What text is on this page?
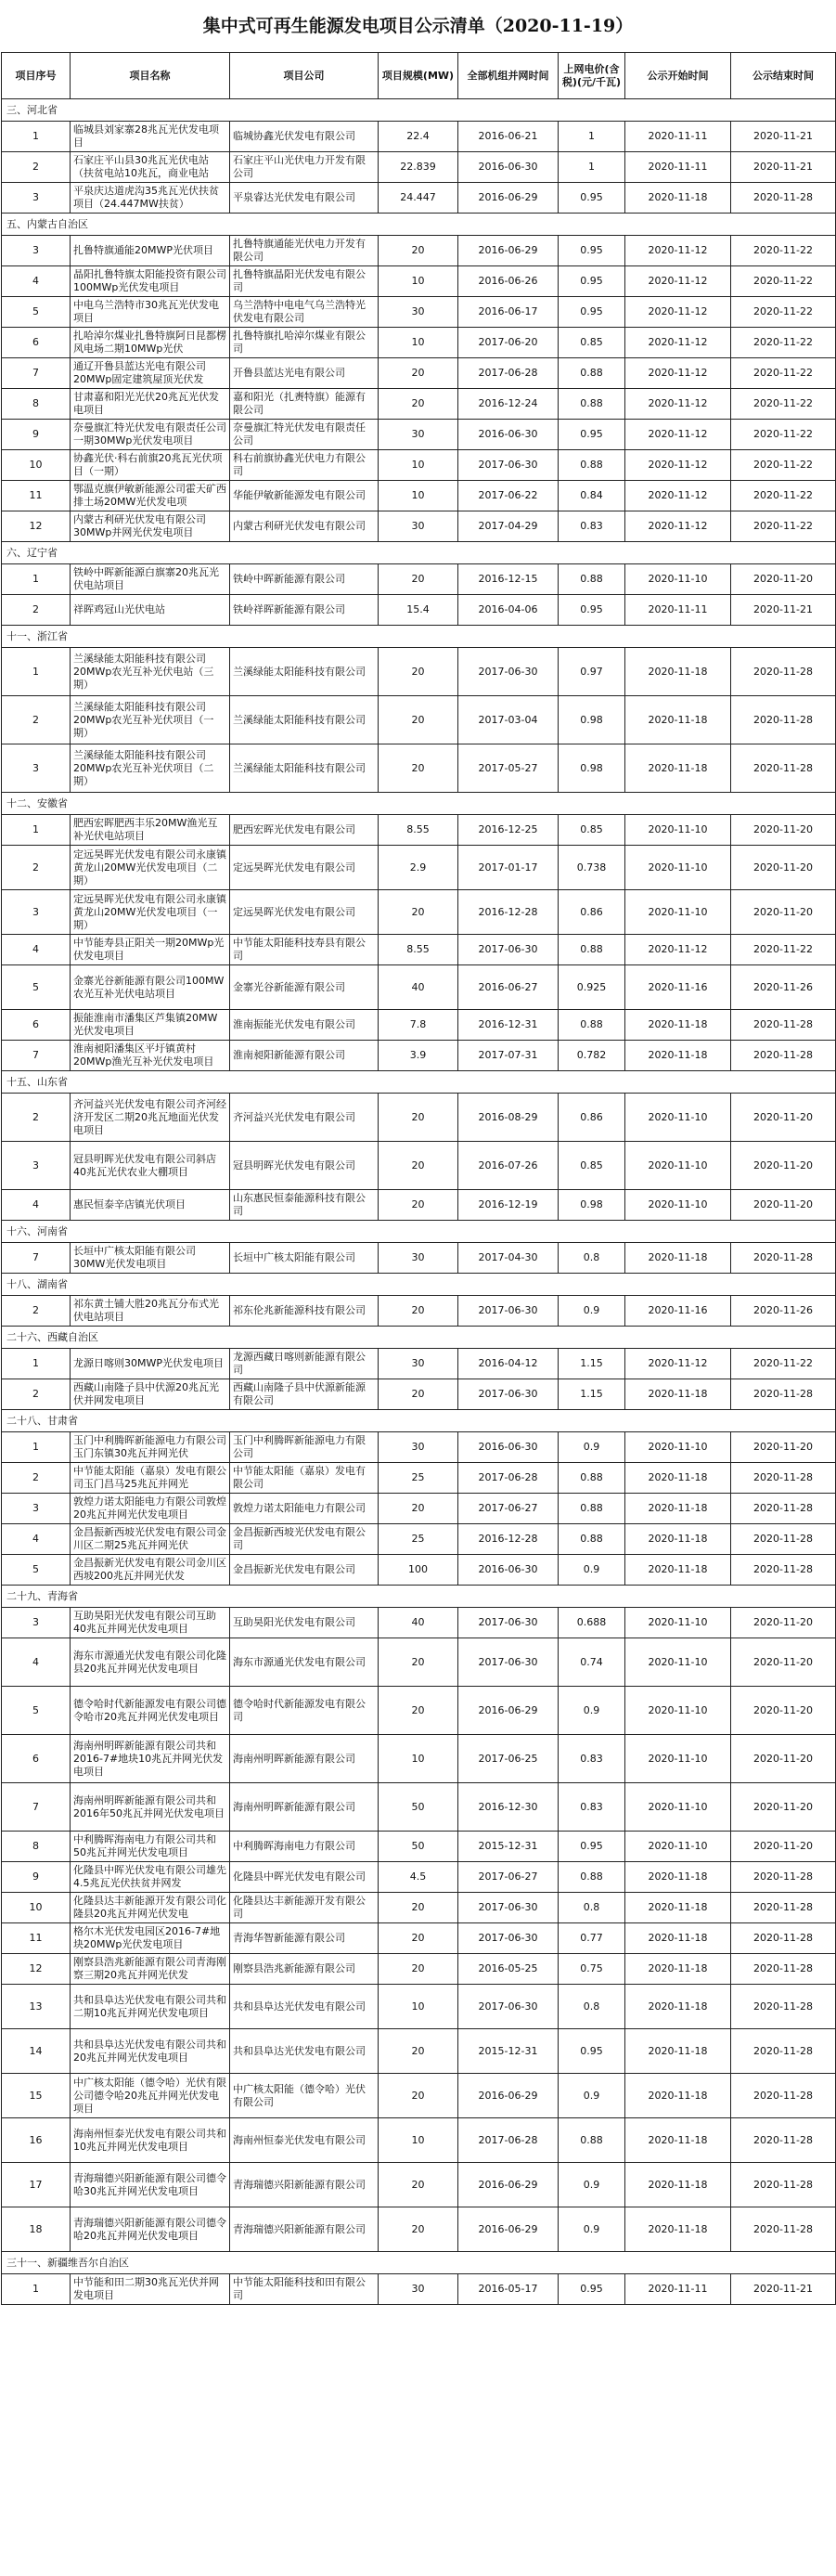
集中式可再生能源发电项目公示清单（2020-11-19）
项目序号	项目名称	项目公司	项目规模(MW)	全部机组并网时间	上网电价(含税)(元/千瓦)	公示开始时间	公示结束时间
三、河北省							
1	临城县刘家寨28兆瓦光伏发电项目	临城协鑫光伏发电有限公司	22.4	2016-06-21	1	2020-11-11	2020-11-21
2	石家庄平山县30兆瓦光伏电站（扶贫电站10兆瓦，商业电站	石家庄平山光伏电力开发有限公司	22.839	2016-06-30	1	2020-11-11	2020-11-21
3	平泉庆达道虎沟35兆瓦光伏扶贫项目（24.447MW扶贫）	平泉睿达光伏发电有限公司	24.447	2016-06-29	0.95	2020-11-18	2020-11-28
五、内蒙古自治区							
3	扎鲁特旗通能20MWP光伏项目	扎鲁特旗通能光伏电力开发有限公司	20	2016-06-29	0.95	2020-11-12	2020-11-22
4	晶阳扎鲁特旗太阳能投资有限公司100MWp光伏发电项目	扎鲁特旗晶阳光伏发电有限公司	10	2016-06-26	0.95	2020-11-12	2020-11-22
5	中电乌兰浩特市30兆瓦光伏发电项目	乌兰浩特中电电气乌兰浩特光伏发电有限公司	30	2016-06-17	0.95	2020-11-12	2020-11-22
6	扎哈淖尔煤业扎鲁特旗阿日昆都楞风电场二期10MWp光伏	扎鲁特旗扎哈淖尔煤业有限公司	10	2017-06-20	0.85	2020-11-12	2020-11-22
7	通辽开鲁县蓝达光电有限公司20MWp固定建筑屋顶光伏发	开鲁县蓝达光电有限公司	20	2017-06-28	0.88	2020-11-12	2020-11-22
8	甘肃嘉和阳光光伏20兆瓦光伏发电项目	嘉和阳光（扎赉特旗）能源有限公司	20	2016-12-24	0.88	2020-11-12	2020-11-22
9	奈曼旗汇特光伏发电有限责任公司一期30MWp光伏发电项目	奈曼旗汇特光伏发电有限责任公司	30	2016-06-30	0.95	2020-11-12	2020-11-22
10	协鑫光伏·科右前旗20兆瓦光伏项目（一期）	科右前旗协鑫光伏电力有限公司	10	2017-06-30	0.88	2020-11-12	2020-11-22
11	鄂温克旗伊敏新能源公司霍天矿西排土场20MW光伏发电项	华能伊敏新能源发电有限公司	10	2017-06-22	0.84	2020-11-12	2020-11-22
12	内蒙古利研光伏发电有限公司30MWp并网光伏发电项目	内蒙古利研光伏发电有限公司	30	2017-04-29	0.83	2020-11-12	2020-11-22
六、辽宁省							
1	铁岭中晖新能源白旗寨20兆瓦光伏电站项目	铁岭中晖新能源有限公司	20	2016-12-15	0.88	2020-11-10	2020-11-20
2	祥晖鸡冠山光伏电站	铁岭祥晖新能源有限公司	15.4	2016-04-06	0.95	2020-11-11	2020-11-21
十一、浙江省							
1	兰溪绿能太阳能科技有限公司20MWp农光互补光伏电站（三期）	兰溪绿能太阳能科技有限公司	20	2017-06-30	0.97	2020-11-18	2020-11-28
2	兰溪绿能太阳能科技有限公司20MWp农光互补光伏项目（一期）	兰溪绿能太阳能科技有限公司	20	2017-03-04	0.98	2020-11-18	2020-11-28
3	兰溪绿能太阳能科技有限公司20MWp农光互补光伏项目（二期）	兰溪绿能太阳能科技有限公司	20	2017-05-27	0.98	2020-11-18	2020-11-28
十二、安徽省							
1	肥西宏晖肥西丰乐20MW渔光互补光伏电站项目	肥西宏晖光伏发电有限公司	8.55	2016-12-25	0.85	2020-11-10	2020-11-20
2	定远昊晖光伏发电有限公司永康镇黄龙山20MW光伏发电项目（二期）	定远昊晖光伏发电有限公司	2.9	2017-01-17	0.738	2020-11-10	2020-11-20
3	定远昊晖光伏发电有限公司永康镇黄龙山20MW光伏发电项目（一期）	定远昊晖光伏发电有限公司	20	2016-12-28	0.86	2020-11-10	2020-11-20
4	中节能寿县正阳关一期20MWp光伏发电项目	中节能太阳能科技寿县有限公司	8.55	2017-06-30	0.88	2020-11-12	2020-11-22
5	金寨光谷新能源有限公司100MW农光互补光伏电站项目	金寨光谷新能源有限公司	40	2016-06-27	0.925	2020-11-16	2020-11-26
6	振能淮南市潘集区芦集镇20MW光伏发电项目	淮南振能光伏发电有限公司	7.8	2016-12-31	0.88	2020-11-18	2020-11-28
7	淮南昶阳潘集区平圩镇黄村20MWp渔光互补光伏发电项目	淮南昶阳新能源有限公司	3.9	2017-07-31	0.782	2020-11-18	2020-11-28
十五、山东省							
2	齐河益兴光伏发电有限公司齐河经济开发区二期20兆瓦地面光伏发电项目	齐河益兴光伏发电有限公司	20	2016-08-29	0.86	2020-11-10	2020-11-20
3	冠县明晖光伏发电有限公司斜店40兆瓦光伏农业大棚项目	冠县明晖光伏发电有限公司	20	2016-07-26	0.85	2020-11-10	2020-11-20
4	惠民恒泰辛店镇光伏项目	山东惠民恒泰能源科技有限公司	20	2016-12-19	0.98	2020-11-10	2020-11-20
十六、河南省							
7	长垣中广核太阳能有限公司30MW光伏发电项目	长垣中广核太阳能有限公司	30	2017-04-30	0.8	2020-11-18	2020-11-28
十八、湖南省							
2	祁东黄土铺大胜20兆瓦分布式光伏电站项目	祁东伦兆新能源科技有限公司	20	2017-06-30	0.9	2020-11-16	2020-11-26
二十六、西藏自治区							
1	龙源日喀则30MWP光伏发电项目	龙源西藏日喀则新能源有限公司	30	2016-04-12	1.15	2020-11-12	2020-11-22
2	西藏山南隆子县中伏源20兆瓦光伏并网发电项目	西藏山南隆子县中伏源新能源有限公司	20	2017-06-30	1.15	2020-11-18	2020-11-28
二十八、甘肃省							
1	玉门中利腾晖新能源电力有限公司玉门东镇30兆瓦并网光伏	玉门中利腾晖新能源电力有限公司	30	2016-06-30	0.9	2020-11-10	2020-11-20
2	中节能太阳能（嘉泉）发电有限公司玉门昌马25兆瓦并网光	中节能太阳能（嘉泉）发电有限公司	25	2017-06-28	0.88	2020-11-18	2020-11-28
3	敦煌力诺太阳能电力有限公司敦煌20兆瓦并网光伏发电项目	敦煌力诺太阳能电力有限公司	20	2017-06-27	0.88	2020-11-18	2020-11-28
4	金昌振新西坡光伏发电有限公司金川区二期25兆瓦并网光伏	金昌振新西坡光伏发电有限公司	25	2016-12-28	0.88	2020-11-18	2020-11-28
5	金昌振新光伏发电有限公司金川区西坡200兆瓦并网光伏发	金昌振新光伏发电有限公司	100	2016-06-30	0.9	2020-11-18	2020-11-28
二十九、青海省							
3	互助昊阳光伏发电有限公司互助40兆瓦并网光伏发电项目	互助昊阳光伏发电有限公司	40	2017-06-30	0.688	2020-11-10	2020-11-20
4	海东市源通光伏发电有限公司化隆县20兆瓦并网光伏发电项目	海东市源通光伏发电有限公司	20	2017-06-30	0.74	2020-11-10	2020-11-20
5	德令哈时代新能源发电有限公司德令哈市20兆瓦并网光伏发电项目	德令哈时代新能源发电有限公司	20	2016-06-29	0.9	2020-11-10	2020-11-20
6	海南州明晖新能源有限公司共和2016-7#地块10兆瓦并网光伏发电项目	海南州明晖新能源有限公司	10	2017-06-25	0.83	2020-11-10	2020-11-20
7	海南州明晖新能源有限公司共和2016年50兆瓦并网光伏发电项目	海南州明晖新能源有限公司	50	2016-12-30	0.83	2020-11-10	2020-11-20
8	中利腾晖海南电力有限公司共和50兆瓦并网光伏发电项目	中利腾晖海南电力有限公司	50	2015-12-31	0.95	2020-11-10	2020-11-20
9	化隆县中晖光伏发电有限公司雄先4.5兆瓦光伏扶贫并网发	化隆县中晖光伏发电有限公司	4.5	2017-06-27	0.88	2020-11-18	2020-11-28
10	化隆县达丰新能源开发有限公司化隆县20兆瓦并网光伏发电	化隆县达丰新能源开发有限公司	20	2017-06-30	0.8	2020-11-18	2020-11-28
11	格尔木光伏发电园区2016-7#地块20MWp光伏发电项目	青海华智新能源有限公司	20	2017-06-30	0.77	2020-11-18	2020-11-28
12	刚察县浩兆新能源有限公司青海刚察三期20兆瓦并网光伏发	刚察县浩兆新能源有限公司	20	2016-05-25	0.75	2020-11-18	2020-11-28
13	共和县阜达光伏发电有限公司共和二期10兆瓦并网光伏发电项目	共和县阜达光伏发电有限公司	10	2017-06-30	0.8	2020-11-18	2020-11-28
14	共和县阜达光伏发电有限公司共和20兆瓦并网光伏发电项目	共和县阜达光伏发电有限公司	20	2015-12-31	0.95	2020-11-18	2020-11-28
15	中广核太阳能（德令哈）光伏有限公司德令哈20兆瓦并网光伏发电项目	中广核太阳能（德令哈）光伏有限公司	20	2016-06-29	0.9	2020-11-18	2020-11-28
16	海南州恒泰光伏发电有限公司共和10兆瓦并网光伏发电项目	海南州恒泰光伏发电有限公司	10	2017-06-28	0.88	2020-11-18	2020-11-28
17	青海瑞德兴阳新能源有限公司德令哈30兆瓦并网光伏发电项目	青海瑞德兴阳新能源有限公司	20	2016-06-29	0.9	2020-11-18	2020-11-28
18	青海瑞德兴阳新能源有限公司德令哈20兆瓦并网光伏发电项目	青海瑞德兴阳新能源有限公司	20	2016-06-29	0.9	2020-11-18	2020-11-28
三十一、新疆维吾尔自治区							
1	中节能和田二期30兆瓦光伏并网发电项目	中节能太阳能科技和田有限公司	30	2016-05-17	0.95	2020-11-11	2020-11-21
